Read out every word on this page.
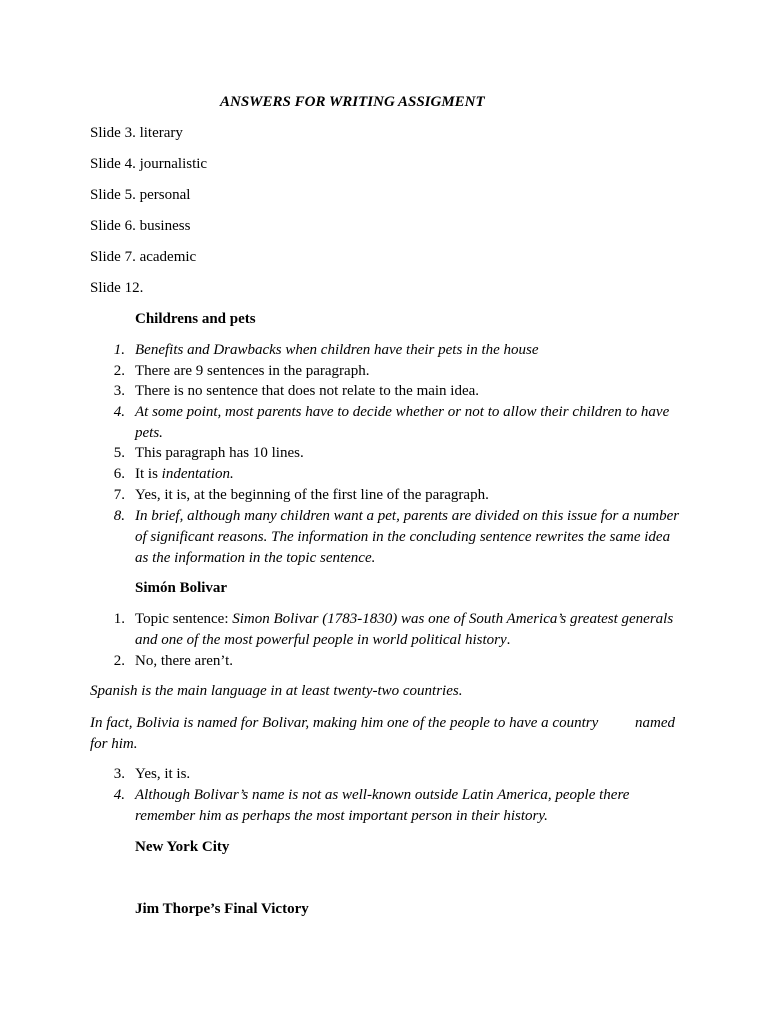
ANSWERS FOR WRITING ASSIGMENT

Slide 3. literary

Slide 4. journalistic

Slide 5. personal

Slide 6. business

Slide 7. academic

Slide 12.

Childrens and pets

1. Benefits and Drawbacks when children have their pets in the house
2. There are 9 sentences in the paragraph.
3. There is no sentence that does not relate to the main idea.
4. At some point, most parents have to decide whether or not to allow their children to have pets.
5. This paragraph has 10 lines.
6. It is indentation.
7. Yes, it is, at the beginning of the first line of the paragraph.
8. In brief, although many children want a pet, parents are divided on this issue for a number of significant reasons. The information in the concluding sentence rewrites the same idea as the information in the topic sentence.

Simón Bolivar

1. Topic sentence: Simon Bolivar (1783-1830) was one of South America’s greatest generals and one of the most powerful people in world political history.
2. No, there aren’t.

Spanish is the main language in at least twenty-two countries.

In fact, Bolivia is named for Bolivar, making him one of the people to have a country named
for him.
3. Yes, it is.
4. Although Bolivar’s name is not as well-known outside Latin America, people there remember him as perhaps the most important person in their history.

New York City

Jim Thorpe’s Final Victory
